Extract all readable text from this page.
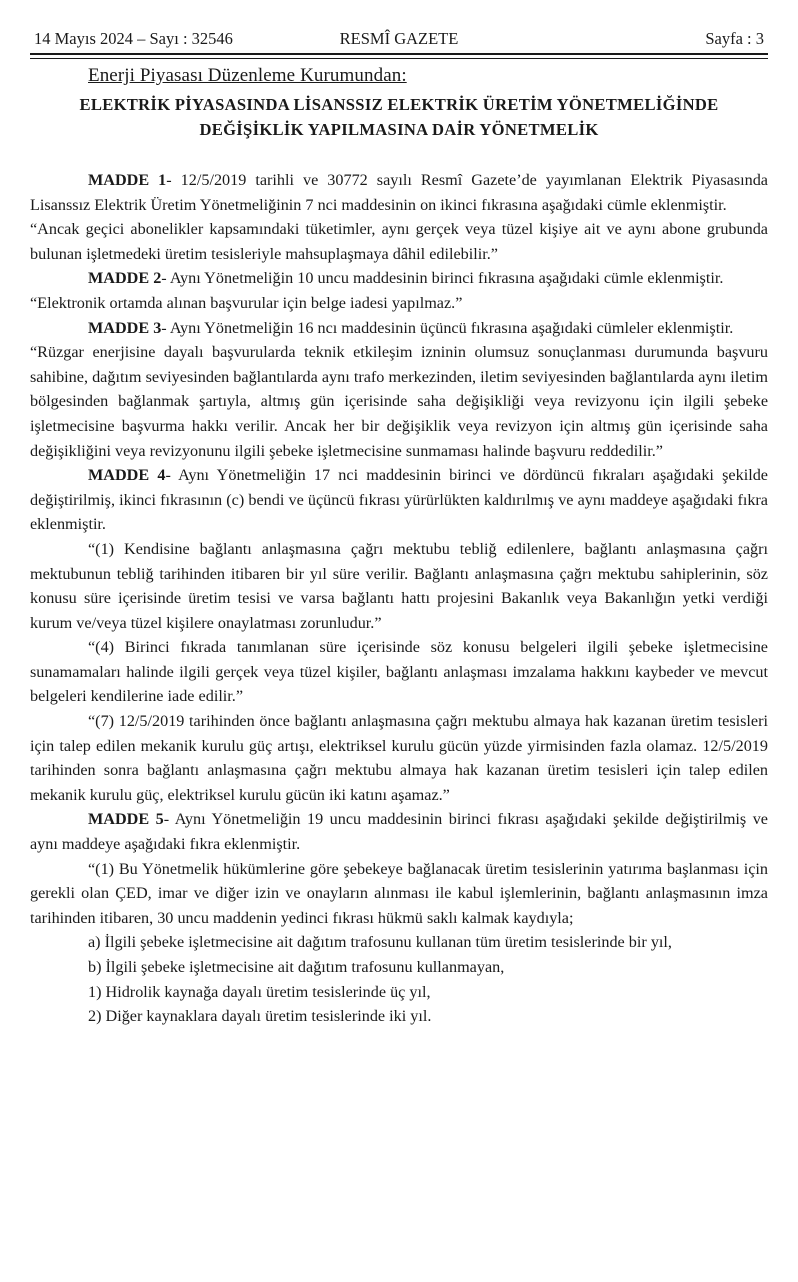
14 Mayıs 2024 – Sayı : 32546	RESMÎ GAZETE	Sayfa : 3

Enerji Piyasası Düzenleme Kurumundan:

ELEKTRİK PİYASASINDA LİSANSSIZ ELEKTRİK ÜRETİM YÖNETMELİĞİNDE
DEĞİŞİKLİK YAPILMASINA DAİR YÖNETMELİK

MADDE 1- 12/5/2019 tarihli ve 30772 sayılı Resmî Gazete’de yayımlanan Elektrik Piyasasında Lisanssız Elektrik Üretim Yönetmeliğinin 7 nci maddesinin on ikinci fıkrasına aşağıdaki cümle eklenmiştir.

“Ancak geçici abonelikler kapsamındaki tüketimler, aynı gerçek veya tüzel kişiye ait ve aynı abone grubunda bulunan işletmedeki üretim tesisleriyle mahsuplaşmaya dâhil edilebilir.”

MADDE 2- Aynı Yönetmeliğin 10 uncu maddesinin birinci fıkrasına aşağıdaki cümle eklenmiştir.

“Elektronik ortamda alınan başvurular için belge iadesi yapılmaz.”

MADDE 3- Aynı Yönetmeliğin 16 ncı maddesinin üçüncü fıkrasına aşağıdaki cümleler eklenmiştir.

“Rüzgar enerjisine dayalı başvurularda teknik etkileşim izninin olumsuz sonuçlanması durumunda başvuru sahibine, dağıtım seviyesinden bağlantılarda aynı trafo merkezinden, iletim seviyesinden bağlantılarda aynı iletim bölgesinden bağlanmak şartıyla, altmış gün içerisinde saha değişikliği veya revizyonu için ilgili şebeke işletmecisine başvurma hakkı verilir. Ancak her bir değişiklik veya revizyon için altmış gün içerisinde saha değişikliğini veya revizyonunu ilgili şebeke işletmecisine sunmaması halinde başvuru reddedilir.”

MADDE 4- Aynı Yönetmeliğin 17 nci maddesinin birinci ve dördüncü fıkraları aşağıdaki şekilde değiştirilmiş, ikinci fıkrasının (c) bendi ve üçüncü fıkrası yürürlükten kaldırılmış ve aynı maddeye aşağıdaki fıkra eklenmiştir.

“(1) Kendisine bağlantı anlaşmasına çağrı mektubu tebliğ edilenlere, bağlantı anlaşmasına çağrı mektubunun tebliğ tarihinden itibaren bir yıl süre verilir. Bağlantı anlaşmasına çağrı mektubu sahiplerinin, söz konusu süre içerisinde üretim tesisi ve varsa bağlantı hattı projesini Bakanlık veya Bakanlığın yetki verdiği kurum ve/veya tüzel kişilere onaylatması zorunludur.”

“(4) Birinci fıkrada tanımlanan süre içerisinde söz konusu belgeleri ilgili şebeke işletmecisine sunamamaları halinde ilgili gerçek veya tüzel kişiler, bağlantı anlaşması imzalama hakkını kaybeder ve mevcut belgeleri kendilerine iade edilir.”

“(7) 12/5/2019 tarihinden önce bağlantı anlaşmasına çağrı mektubu almaya hak kazanan üretim tesisleri için talep edilen mekanik kurulu güç artışı, elektriksel kurulu gücün yüzde yirmisinden fazla olamaz. 12/5/2019 tarihinden sonra bağlantı anlaşmasına çağrı mektubu almaya hak kazanan üretim tesisleri için talep edilen mekanik kurulu güç, elektriksel kurulu gücün iki katını aşamaz.”

MADDE 5- Aynı Yönetmeliğin 19 uncu maddesinin birinci fıkrası aşağıdaki şekilde değiştirilmiş ve aynı maddeye aşağıdaki fıkra eklenmiştir.

“(1) Bu Yönetmelik hükümlerine göre şebekeye bağlanacak üretim tesislerinin yatırıma başlanması için gerekli olan ÇED, imar ve diğer izin ve onayların alınması ile kabul işlemlerinin, bağlantı anlaşmasının imza tarihinden itibaren, 30 uncu maddenin yedinci fıkrası hükmü saklı kalmak kaydıyla;

a) İlgili şebeke işletmecisine ait dağıtım trafosunu kullanan tüm üretim tesislerinde bir yıl,

b) İlgili şebeke işletmecisine ait dağıtım trafosunu kullanmayan,

1) Hidrolik kaynağa dayalı üretim tesislerinde üç yıl,

2) Diğer kaynaklara dayalı üretim tesislerinde iki yıl.
